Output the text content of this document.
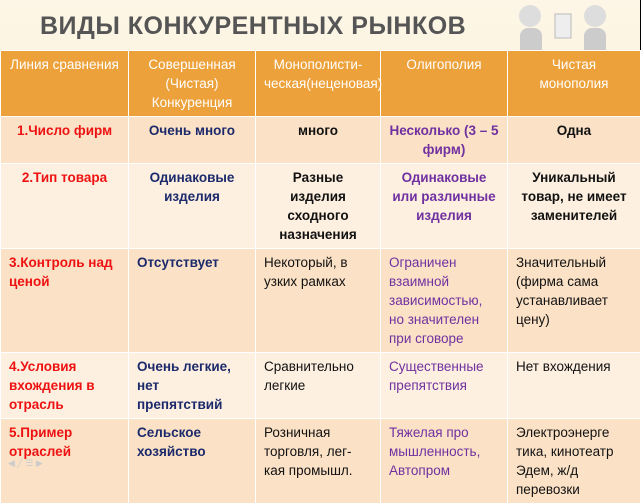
ВИДЫ КОНКУРЕНТНЫХ РЫНКОВ
Линия сравнения	Совершенная (Чистая) Конкуренция	Монополисти-ческая(неценовая)	Олигополия	Чистая монополия
1.Число фирм	Очень много	много	Несколько (3 – 5 фирм)	Одна
2.Тип товара	Одинаковые изделия	Разные изделия сходного назначения	Одинаковые или различные изделия	Уникальный товар, не имеет заменителей
3.Контроль над ценой	Отсутствует	Некоторый, в узких рамках	Ограничен взаимной зависимостью, но значителен при сговоре	Значительный (фирма сама устанавливает цену)
4.Условия вхождения в отрасль	Очень легкие, нет препятствий	Сравнительно легкие	Существенные препятствия	Нет вхождения
5.Пример отраслей	Сельское хозяйство	Розничная торговля, лег-кая промышл.	Тяжелая про мышленность, Автопром	Электроэнерге тика, кинотеатр Эдем, ж/д перевозки
◀ ╱ ☰ ▶
